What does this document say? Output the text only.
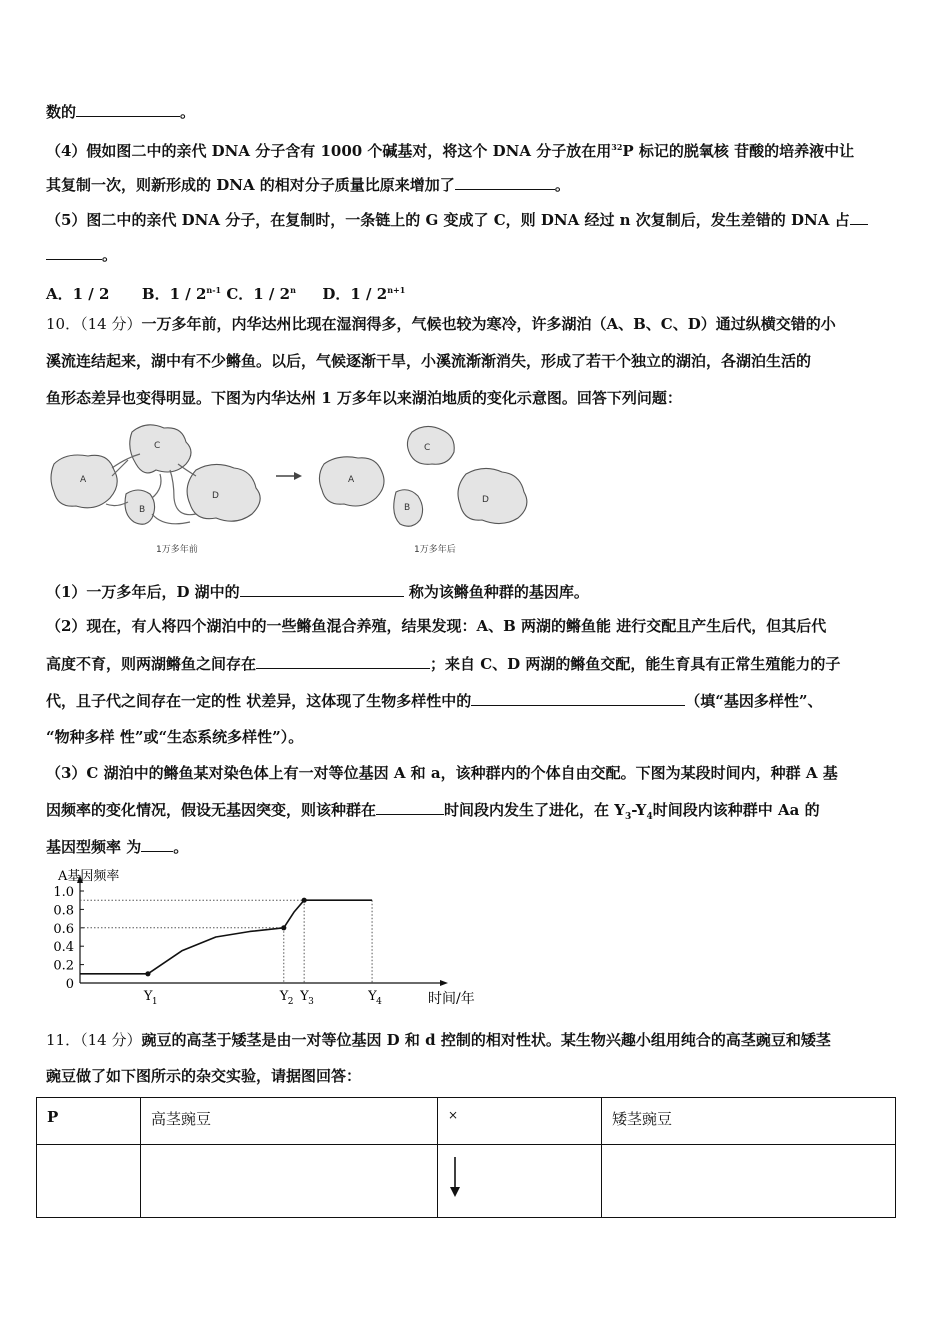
数的	。
（4）假如图二中的亲代 DNA 分子含有 1000 个碱基对，将这个 DNA 分子放在用$^{32}$P 标记的脱氧核 苷酸的培养液中让
其复制一次，则新形成的 DNA 的相对分子质量比原来增加了	。
（5）图二中的亲代 DNA 分子，在复制时，一条链上的 G 变成了 C，则 DNA 经过 n 次复制后，发生差错的 DNA 占
。
A．1 / 2 B．1 / 2$^{n-1}$ C．1 / 2$^n$ D．$1 / 2^{n+1}$
10．（14 分）一万多年前，内华达州比现在湿润得多，气候也较为寒冷，许多湖泊（A、B、C、D）通过纵横交错的小
溪流连结起来，湖中有不少鳉鱼。以后，气候逐渐干旱，小溪流渐渐消失，形成了若干个独立的湖泊，各湖泊生活的
鱼形态差异也变得明显。下图为内华达州 1 万多年以来湖泊地质的变化示意图。回答下列问题：
C
A
B
D
1万多年前	1万多年后
C
A
B
D
（1）一万多年后，D 湖中的	称为该鳉鱼种群的基因库。
（2）现在，有人将四个湖泊中的一些鳉鱼混合养殖，结果发现：A、B 两湖的鳉鱼能 进行交配且产生后代，但其后代
高度不育，则两湖鳉鱼之间存在	；来自 C、D 两湖的鳉鱼交配，能生育具有正常生殖能力的子
代，且子代之间存在一定的性 状差异，这体现了生物多样性中的	（填“基因多样性”、
“物种多样 性”或“生态系统多样性”）。
（3）C 湖泊中的鳉鱼某对染色体上有一对等位基因 A 和 a，该种群内的个体自由交配。下图为某段时间内，种群 A 基
因频率的变化情况，假设无基因突变，则该种群在	时间段内发生了进化，在 $Y_3-Y_4$时间段内该种群中 Aa 的
基因型频率 为 。
A基因频率
1.0
0.8
0.6
0.4
0.2
0
Y 1	Y 2 Y 3	Y 4	时间/年
11．（14 分）豌豆的高茎于矮茎是由一对等位基因 D 和 d 控制的相对性状。某生物兴趣小组用纯合的高茎豌豆和矮茎
豌豆做了如下图所示的杂交实验，请据图回答：
P	高茎豌豆	×	矮茎豌豆
